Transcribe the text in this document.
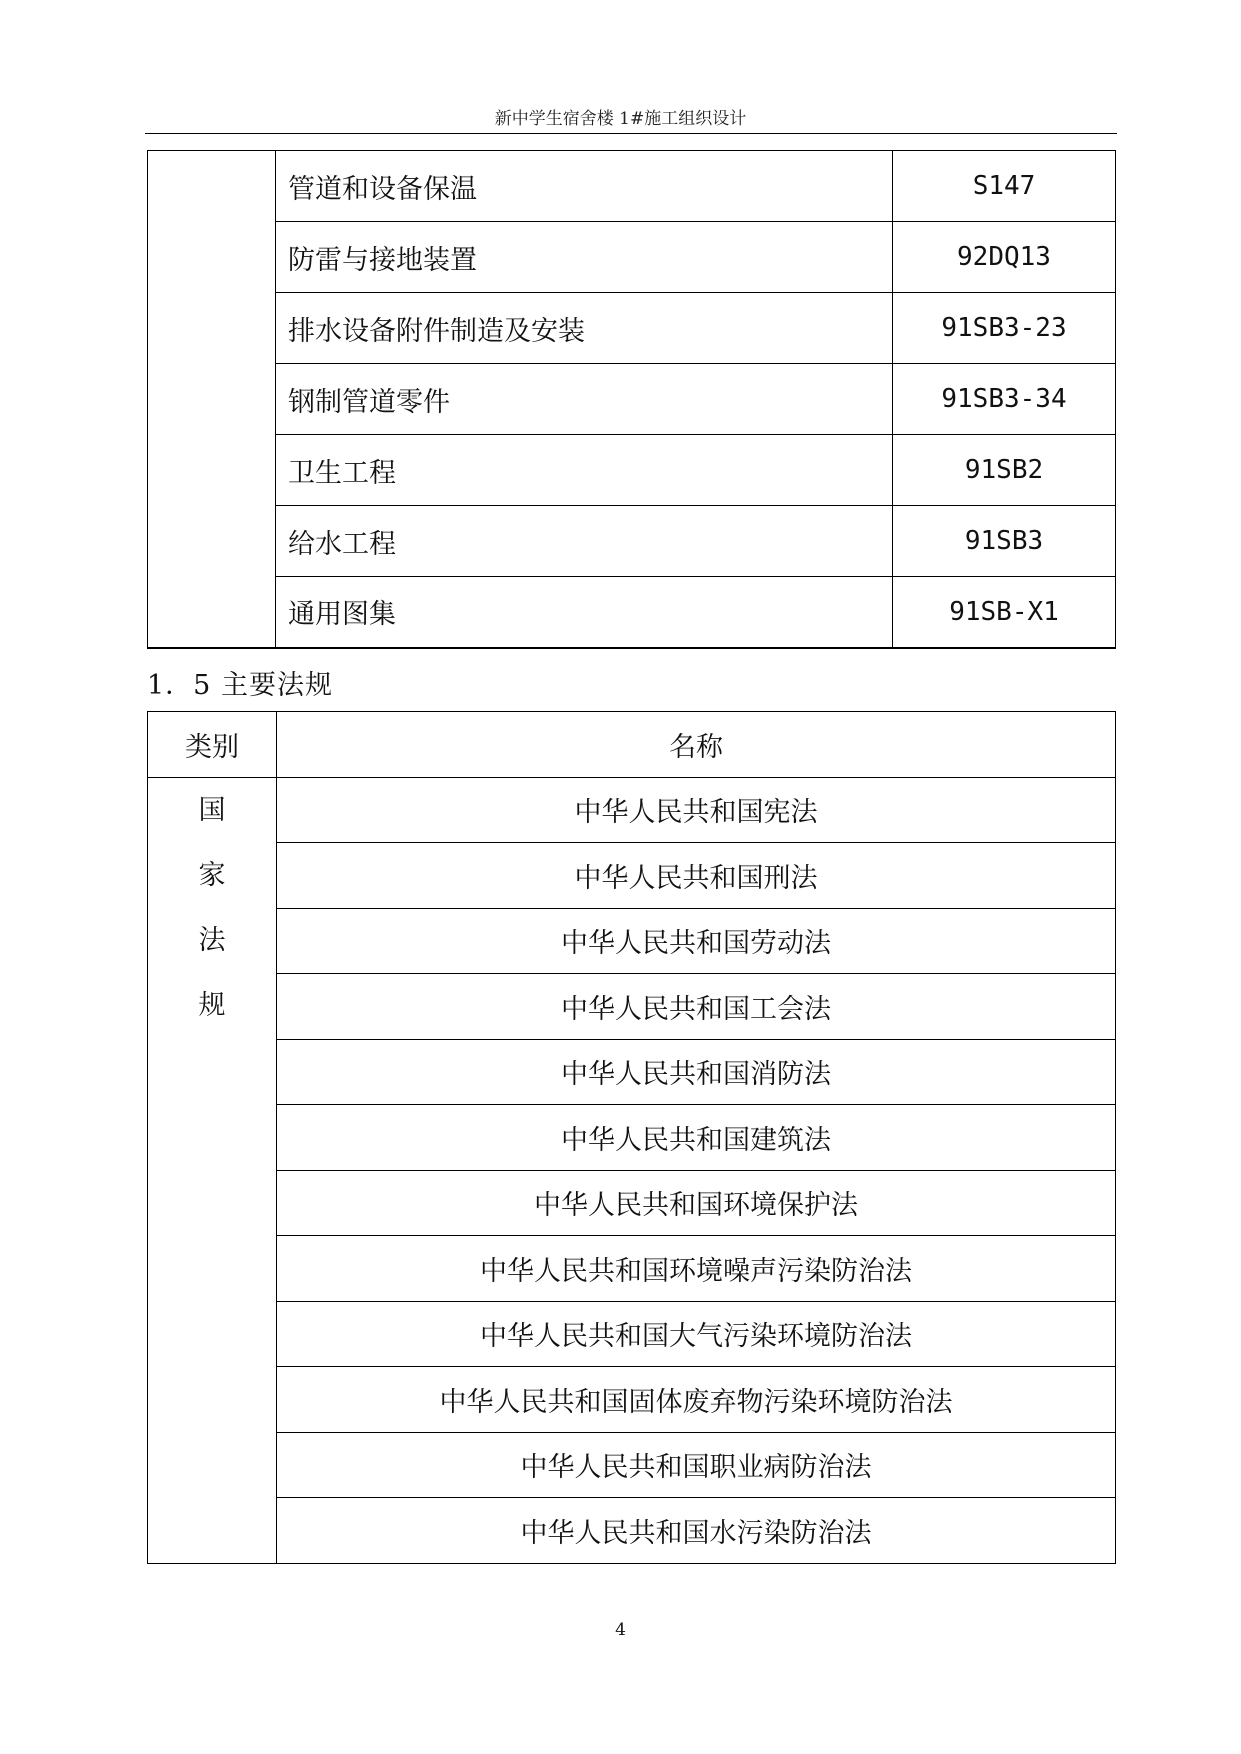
新中学生宿舍楼 1#施工组织设计
	管道和设备保温	S147
	防雷与接地装置	92DQ13
	排水设备附件制造及安装	91SB3-23
	钢制管道零件	91SB3-34
	卫生工程	91SB2
	给水工程	91SB3
	通用图集	91SB-X1
1．5 主要法规
类别	名称

国
家
法
规	中华人民共和国宪法
	中华人民共和国刑法
	中华人民共和国劳动法
	中华人民共和国工会法
	中华人民共和国消防法
	中华人民共和国建筑法
	中华人民共和国环境保护法
	中华人民共和国环境噪声污染防治法
	中华人民共和国大气污染环境防治法
	中华人民共和国固体废弃物污染环境防治法
	中华人民共和国职业病防治法
	中华人民共和国水污染防治法
4
